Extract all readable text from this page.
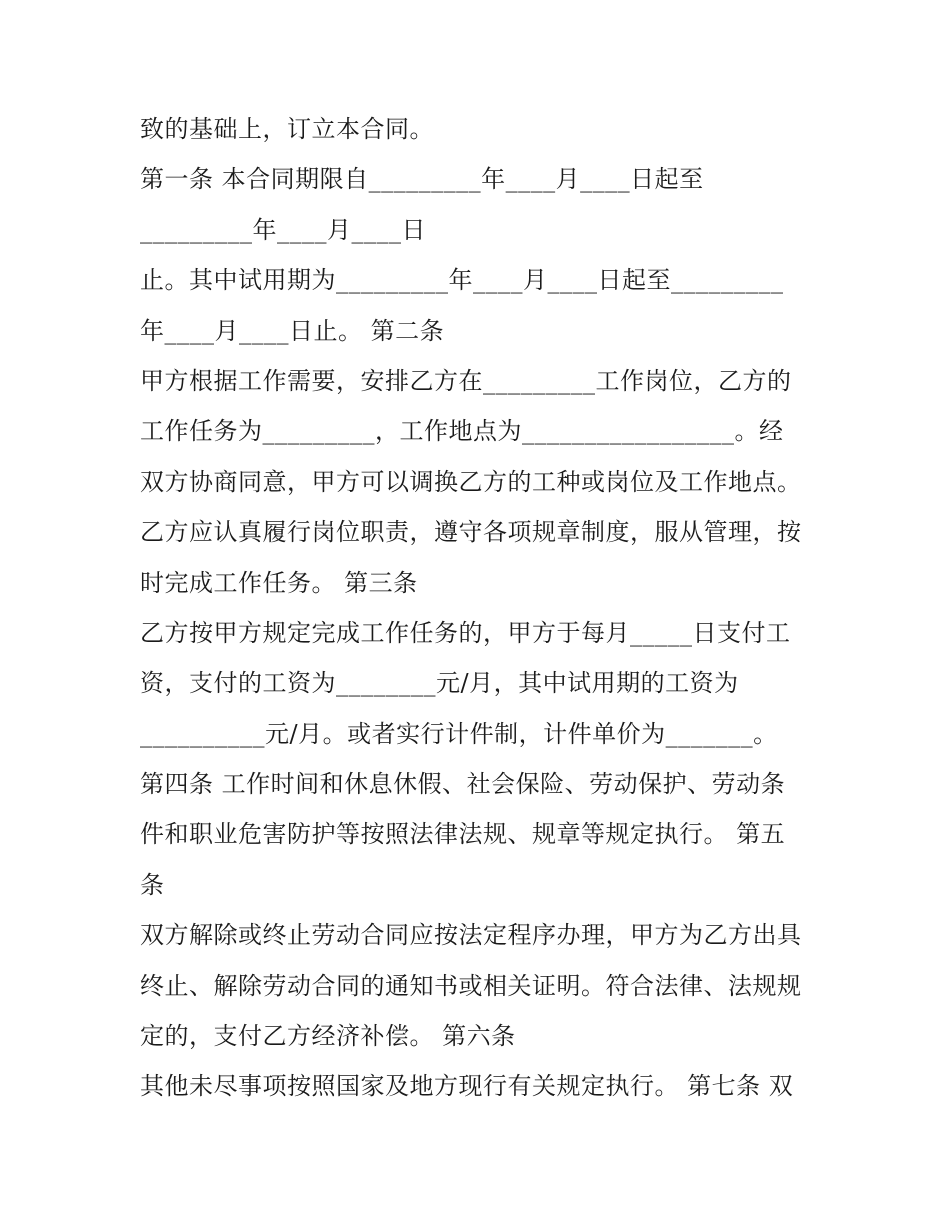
致的基础上，订立本合同。
第一条 本合同期限自_________年____月____日起至
_________年____月____日
止。其中试用期为_________年____月____日起至_________
年____月____日止。 第二条
甲方根据工作需要，安排乙方在_________工作岗位，乙方的
工作任务为_________，工作地点为_________________。经
双方协商同意，甲方可以调换乙方的工种或岗位及工作地点。
乙方应认真履行岗位职责，遵守各项规章制度，服从管理，按
时完成工作任务。 第三条
乙方按甲方规定完成工作任务的，甲方于每月_____日支付工
资，支付的工资为________元/月，其中试用期的工资为
__________元/月。或者实行计件制，计件单价为_______。
第四条 工作时间和休息休假、社会保险、劳动保护、劳动条
件和职业危害防护等按照法律法规、规章等规定执行。 第五
条
双方解除或终止劳动合同应按法定程序办理，甲方为乙方出具
终止、解除劳动合同的通知书或相关证明。符合法律、法规规
定的，支付乙方经济补偿。 第六条
其他未尽事项按照国家及地方现行有关规定执行。 第七条 双
